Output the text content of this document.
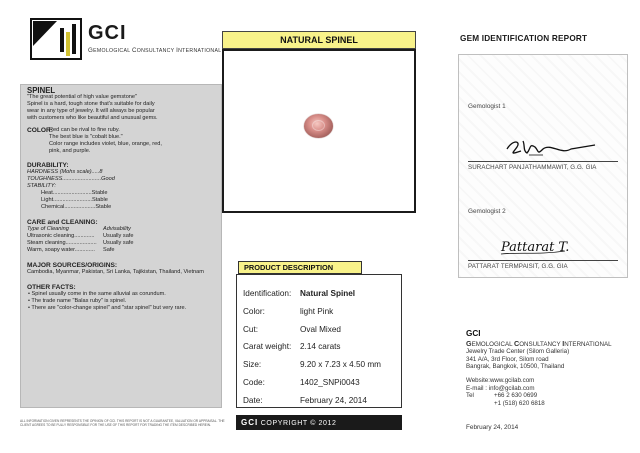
GCI
GEMOLOGICAL CONSULTANCY INTERNATIONAL
SPINEL
"The great potential of high value gemstone"
Spinel is a hard, tough stone that's suitable for daily
wear in any type of jewelry. It will always be popular
with customers who like beautiful and unusual gems.
COLOR:
Red can be rival to fine ruby.
The best blue is "cobalt blue."
Color range includes violet, blue, orange, red,
pink, and purple.
DURABILITY:
HARDNESS (Mohs scale).....8
TOUGHNESS.........................Good
STABILITY:
Heat.........................Stable
Light.........................Stable
Chemical....................Stable
CARE and CLEANING:
Type of Cleaning	Advisability
Ultrasonic cleaning.............	Usually safe
Steam cleaning....................	Usually safe
Warm, soapy water.............	Safe
MAJOR SOURCES/ORIGINS:
Cambodia, Myanmar, Pakistan, Sri Lanka, Tajikistan, Thailand, Vietnam
OTHER FACTS:
• Spinel usually come in the same alluvial as corundum.
• The trade name "Balas ruby" is spinel.
• There are "color-change spinel" and "star spinel" but very rare.
ALL INFORMATION GIVEN REPRESENTS THE OPINION OF GCI. THIS REPORT IS NOT A GUARANTEE, VALUATION OR APPRAISAL. THE CLIENT AGREES TO BE FULLY RESPONSIBLE FOR THE USE OF THIS REPORT FOR TRADING THE ITEM DESCRIBED HEREIN.
NATURAL SPINEL
PRODUCT DESCRIPTION
Identification:	Natural Spinel
Color:	light Pink
Cut:	Oval Mixed
Carat weight:	2.14 carats
Size:	9.20 x 7.23 x 4.50 mm
Code:	1402_SNPi0043
Date:	February 24, 2014
GCI COPYRIGHT © 2012
GEM IDENTIFICATION REPORT
Gemologist 1
SURACHART PANJATHAMMAWIT, G.G. GIA
Gemologist 2
Pattarat T.
PATTARAT TERMPAISIT, G.G. GIA
GCI
GEMOLOGICAL CONSULTANCY INTERNATIONAL
Jewelry Trade Center (Silom Galleria)
341 A/A, 3rd Floor, Silom road
Bangrak, Bangkok, 10500, Thailand
Website:www.gcilab.com
E-mail : info@gcilab.com
Tel	+66 2 630 0699
+1 (518) 620 6818
February 24, 2014
